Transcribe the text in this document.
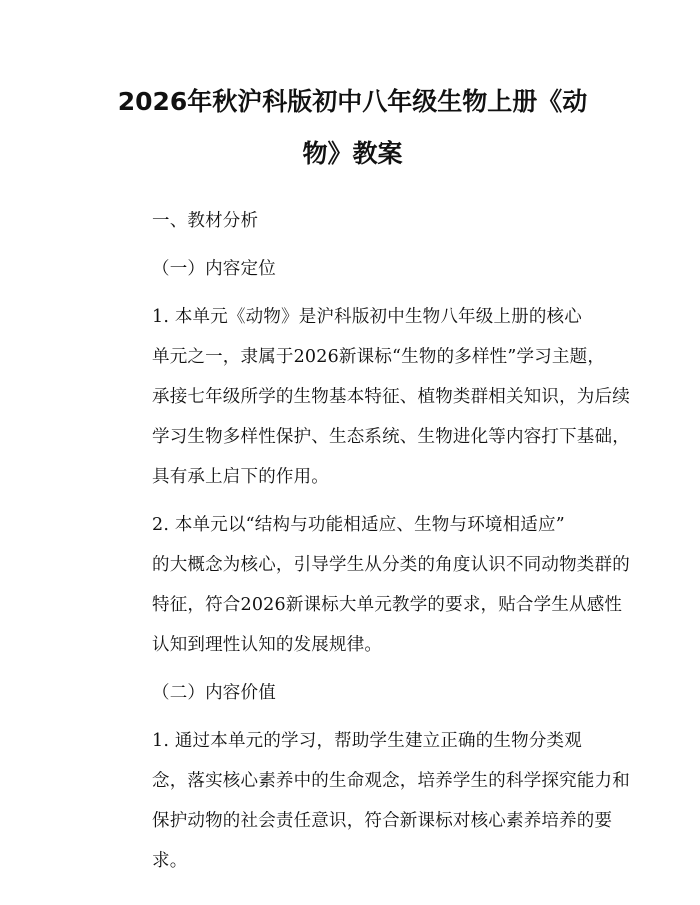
2026年秋沪科版初中八年级生物上册《动
物》教案

一、教材分析

（一）内容定位

1. 本单元《动物》是沪科版初中生物八年级上册的核心
单元之一，隶属于2026新课标“生物的多样性”学习主题，
承接七年级所学的生物基本特征、植物类群相关知识，为后续
学习生物多样性保护、生态系统、生物进化等内容打下基础，
具有承上启下的作用。

2. 本单元以“结构与功能相适应、生物与环境相适应”
的大概念为核心，引导学生从分类的角度认识不同动物类群的
特征，符合2026新课标大单元教学的要求，贴合学生从感性
认知到理性认知的发展规律。

（二）内容价值

1. 通过本单元的学习，帮助学生建立正确的生物分类观
念，落实核心素养中的生命观念，培养学生的科学探究能力和
保护动物的社会责任意识，符合新课标对核心素养培养的要
求。
